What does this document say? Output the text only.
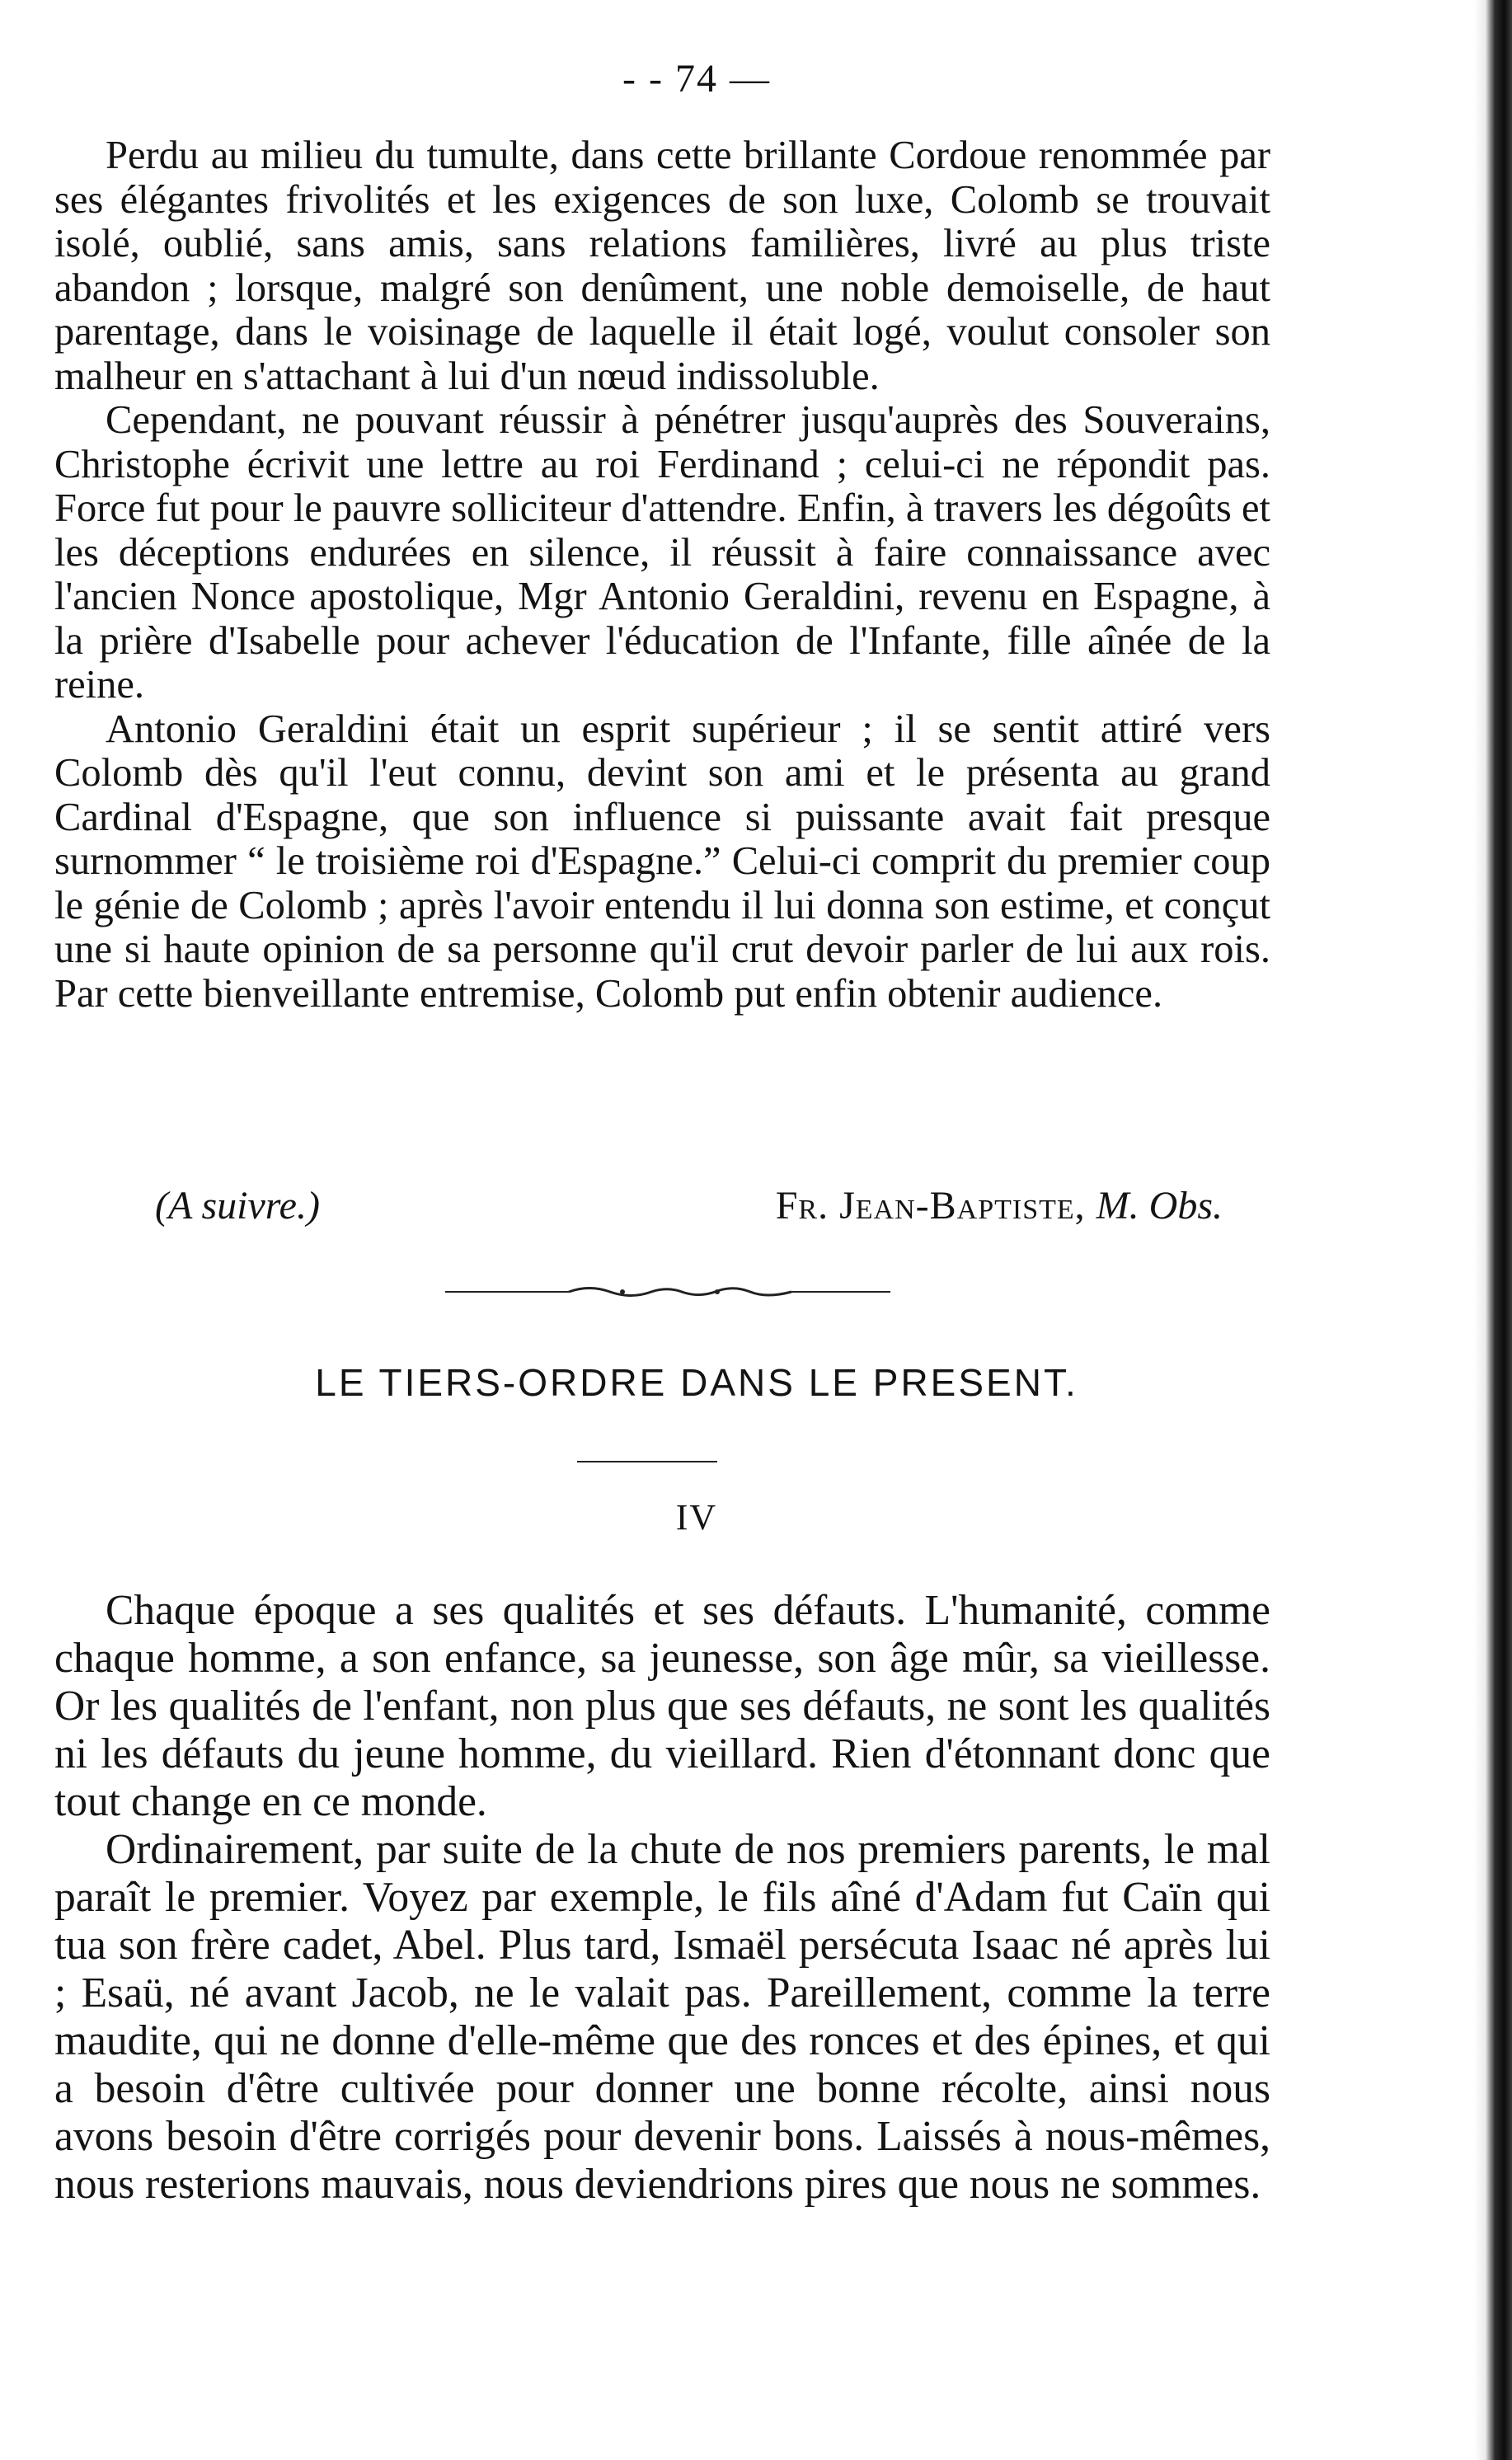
- - 74 —

Perdu au milieu du tumulte, dans cette brillante Cordoue renommée par ses élégantes frivolités et les exigences de son luxe, Colomb se trouvait isolé, oublié, sans amis, sans relations familières, livré au plus triste abandon ; lorsque, malgré son denûment, une noble demoiselle, de haut parentage, dans le voisinage de laquelle il était logé, voulut consoler son malheur en s'attachant à lui d'un nœud indissoluble.

Cependant, ne pouvant réussir à pénétrer jusqu'auprès des Souverains, Christophe écrivit une lettre au roi Ferdinand ; celui-ci ne répondit pas. Force fut pour le pauvre solliciteur d'attendre. Enfin, à travers les dégoûts et les déceptions endurées en silence, il réussit à faire connaissance avec l'ancien Nonce apostolique, Mgr Antonio Geraldini, revenu en Espagne, à la prière d'Isabelle pour achever l'éducation de l'Infante, fille aînée de la reine.

Antonio Geraldini était un esprit supérieur ; il se sentit attiré vers Colomb dès qu'il l'eut connu, devint son ami et le présenta au grand Cardinal d'Espagne, que son influence si puissante avait fait presque surnommer “ le troisième roi d'Espagne.” Celui-ci comprit du premier coup le génie de Colomb ; après l'avoir entendu il lui donna son estime, et conçut une si haute opinion de sa personne qu'il crut devoir parler de lui aux rois. Par cette bienveillante entremise, Colomb put enfin obtenir audience.

(A suivre.)	Fr. Jean-Baptiste, M. Obs.
LE TIERS-ORDRE DANS LE PRESENT.
IV

Chaque époque a ses qualités et ses défauts. L'humanité, comme chaque homme, a son enfance, sa jeunesse, son âge mûr, sa vieillesse. Or les qualités de l'enfant, non plus que ses défauts, ne sont les qualités ni les défauts du jeune homme, du vieillard. Rien d'étonnant donc que tout change en ce monde.

Ordinairement, par suite de la chute de nos premiers parents, le mal paraît le premier. Voyez par exemple, le fils aîné d'Adam fut Caïn qui tua son frère cadet, Abel. Plus tard, Ismaël persécuta Isaac né après lui ; Esaü, né avant Jacob, ne le valait pas. Pareillement, comme la terre maudite, qui ne donne d'elle-même que des ronces et des épines, et qui a besoin d'être cultivée pour donner une bonne récolte, ainsi nous avons besoin d'être corrigés pour devenir bons. Laissés à nous-mêmes, nous resterions mauvais, nous deviendrions pires que nous ne sommes.
